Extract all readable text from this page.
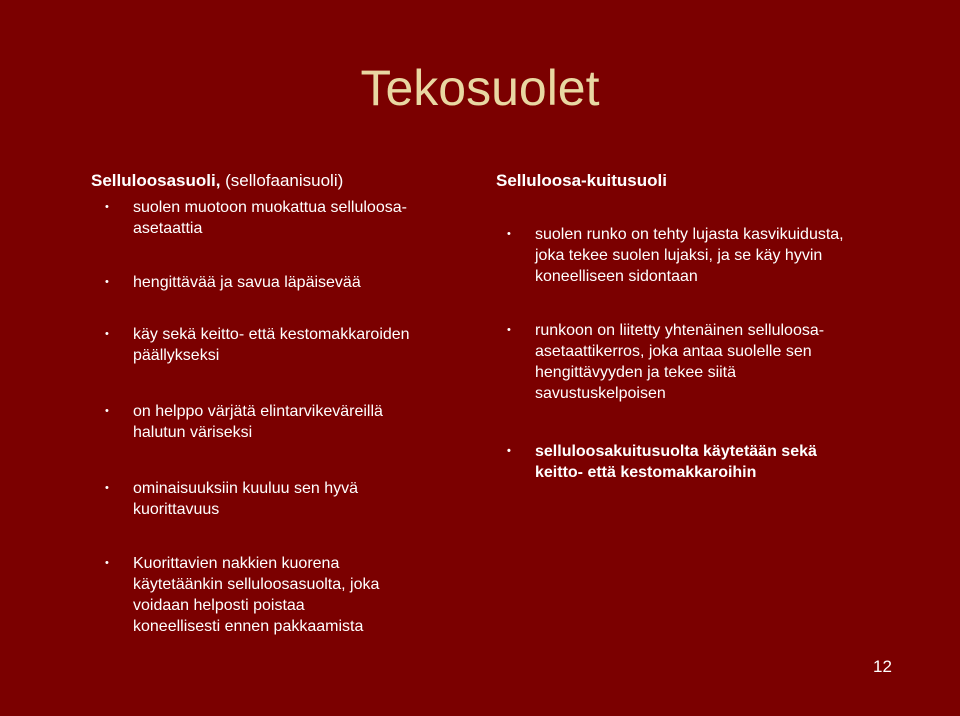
Tekosuolet
Selluloosasuoli, (sellofaanisuoli)
• suolen muotoon muokattua selluloosa-
asetaattia
• hengittävää ja savua läpäisevää
• käy sekä keitto- että kestomakkaroiden
päällykseksi
• on helppo värjätä elintarvikeväreillä
halutun väriseksi
• ominaisuuksiin kuuluu sen hyvä
kuorittavuus
Selluloosa-kuitusuoli
• suolen runko on tehty lujasta kasvikuidusta,
joka tekee suolen lujaksi, ja se käy hyvin
koneelliseen sidontaan
• runkoon on liitetty yhtenäinen selluloosa-
asetaattikerros, joka antaa suolelle sen
hengittävyyden ja tekee siitä
savustuskelpoisen
• selluloosakuitusuolta käytetään sekä
keitto- että kestomakkaroihin
• Kuorittavien nakkien kuorena
käytetäänkin selluloosasuolta, joka
voidaan helposti poistaa
koneellisesti ennen pakkaamista
12
